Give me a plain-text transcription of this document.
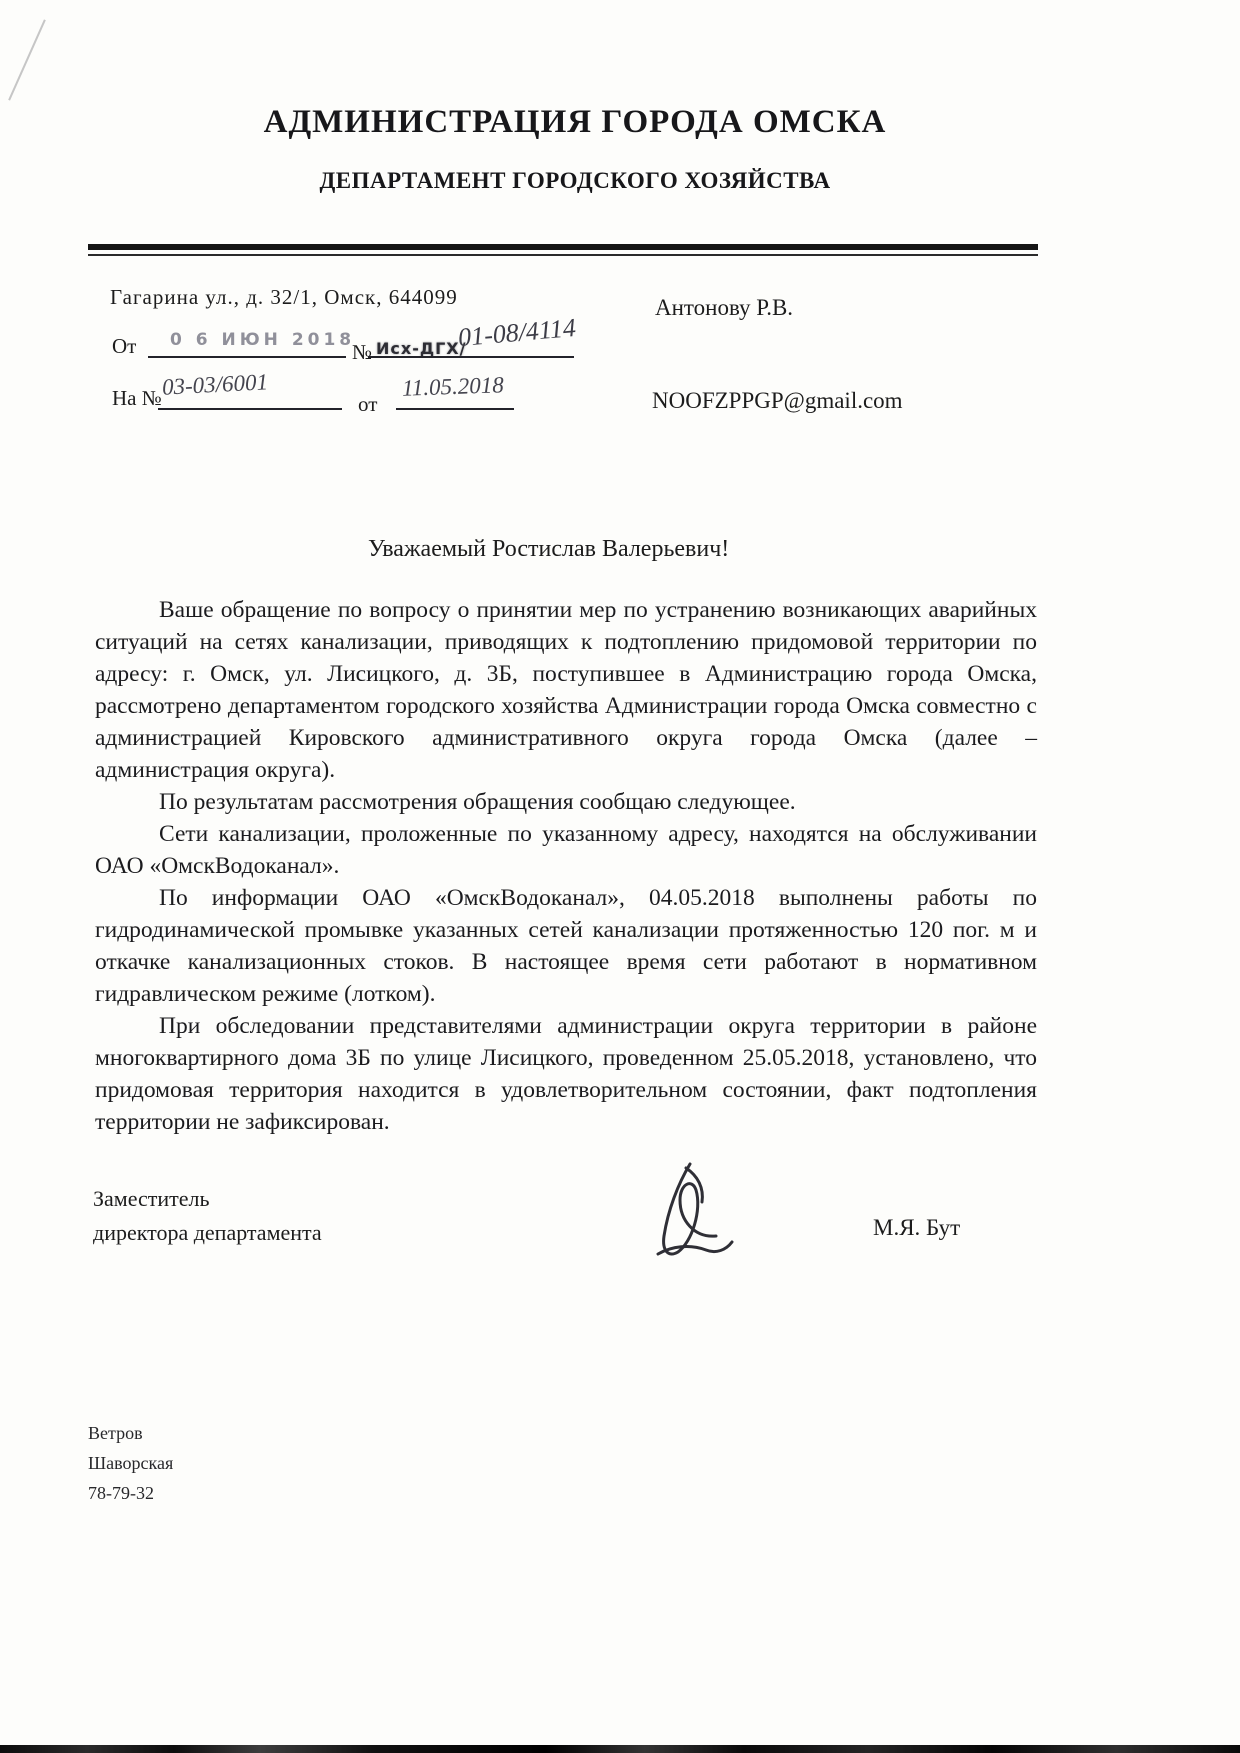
АДМИНИСТРАЦИЯ ГОРОДА ОМСКА
ДЕПАРТАМЕНТ ГОРОДСКОГО ХОЗЯЙСТВА
Гагарина ул., д. 32/1, Омск, 644099
От 0 6 ИЮН 2018
№ Исх-ДГХ/
01-08/4114
На № 03-03/6001
от
11.05.2018
Антонову Р.В.
NOOFZPPGP@gmail.com
Уважаемый Ростислав Валерьевич!

Ваше обращение по вопросу о принятии мер по устранению возникающих аварийных ситуаций на сетях канализации, приводящих к подтоплению придомовой территории по адресу: г. Омск, ул. Лисицкого, д. 3Б, поступившее в Администрацию города Омска, рассмотрено департаментом городского хозяйства Администрации города Омска совместно с администрацией Кировского административного округа города Омска (далее – администрация округа).

По результатам рассмотрения обращения сообщаю следующее.

Сети канализации, проложенные по указанному адресу, находятся на обслуживании ОАО «ОмскВодоканал».

По информации ОАО «ОмскВодоканал», 04.05.2018 выполнены работы по гидродинамической промывке указанных сетей канализации протяженностью 120 пог. м и откачке канализационных стоков. В настоящее время сети работают в нормативном гидравлическом режиме (лотком).

При обследовании представителями администрации округа территории в районе многоквартирного дома 3Б по улице Лисицкого, проведенном 25.05.2018, установлено, что придомовая территория находится в удовлетворительном состоянии, факт подтопления территории не зафиксирован.

Заместитель
директора департамента	М.Я. Бут
Ветров
Шаворская
78-79-32
